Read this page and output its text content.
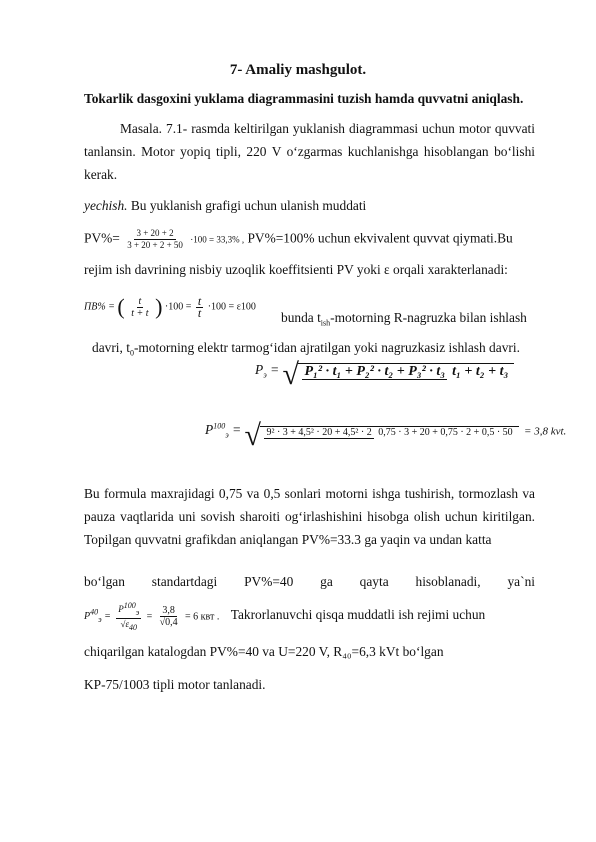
7- Amaliy mashgulot.
Tokarlik dasgoxini yuklama diagrammasini tuzish hamda quvvatni aniqlash.
Masala. 7.1- rasmda keltirilgan yuklanish diagrammasi uchun motor quvvati tanlansin. Motor yopiq tipli, 220 V o‘zgarmas kuchlanishga hisoblangan bo‘lishi kerak.
yechish. Bu yuklanish grafigi uchun ulanish muddati
$PV\%= \frac{3 + 20 + 2}{3 + 20 + 2 + 50} \cdot 100 = 33,3\%$ , PV%=100% uchun ekvivalent quvvat qiymati.Bu
rejim ish davrining nisbiy uzoqlik koeffitsienti PV yoki ε orqali xarakterlanadi:
ПВ% = ( $\frac{t}{t + t}$ ) $\cdot 100 = \frac{t}{t} \cdot 100 = \varepsilon 100$
bunda $t_{ish}$-motorning R-nagruzka bilan ishlash
davri, $t_0$-motorning elektr tarmog‘idan ajratilgan yoki nagruzkasiz ishlash davri.
$P_э$ = √ P₁² · t₁ + P₂² · t₂ + P₃² · t₃ t₁ + t₂ + t₃
$P^{100}_э$ =	√ 9² · 3 + 4,5² · 20 + 4,5² · 2 0,75 · 3 + 20 + 0,75 · 2 + 0,5 · 50 = 3,8 kvt.
Bu formula maxrajidagi 0,75 va 0,5 sonlari motorni ishga tushirish, tormozlash va pauza vaqtlarida uni sovish sharoiti og‘irlashishini hisobga olish uchun kiritilgan. Topilgan quvvatni grafikdan aniqlangan PV%=33.3 ga yaqin va undan katta
bo‘lgan standartdagi PV%=40 ga qayta hisoblanadi, ya`ni
$P^{40}_э = \frac{P^{100}_э}{√\varepsilon_{40}} = \frac{3,8}{√0,4} = 6$ квт . Takrorlanuvchi qisqa muddatli ish rejimi uchun
chiqarilgan katalogdan PV%=40 va U=220 V, R₄₀=6,3 kVt bo‘lgan
KP-75/1003 tipli motor tanlanadi.
